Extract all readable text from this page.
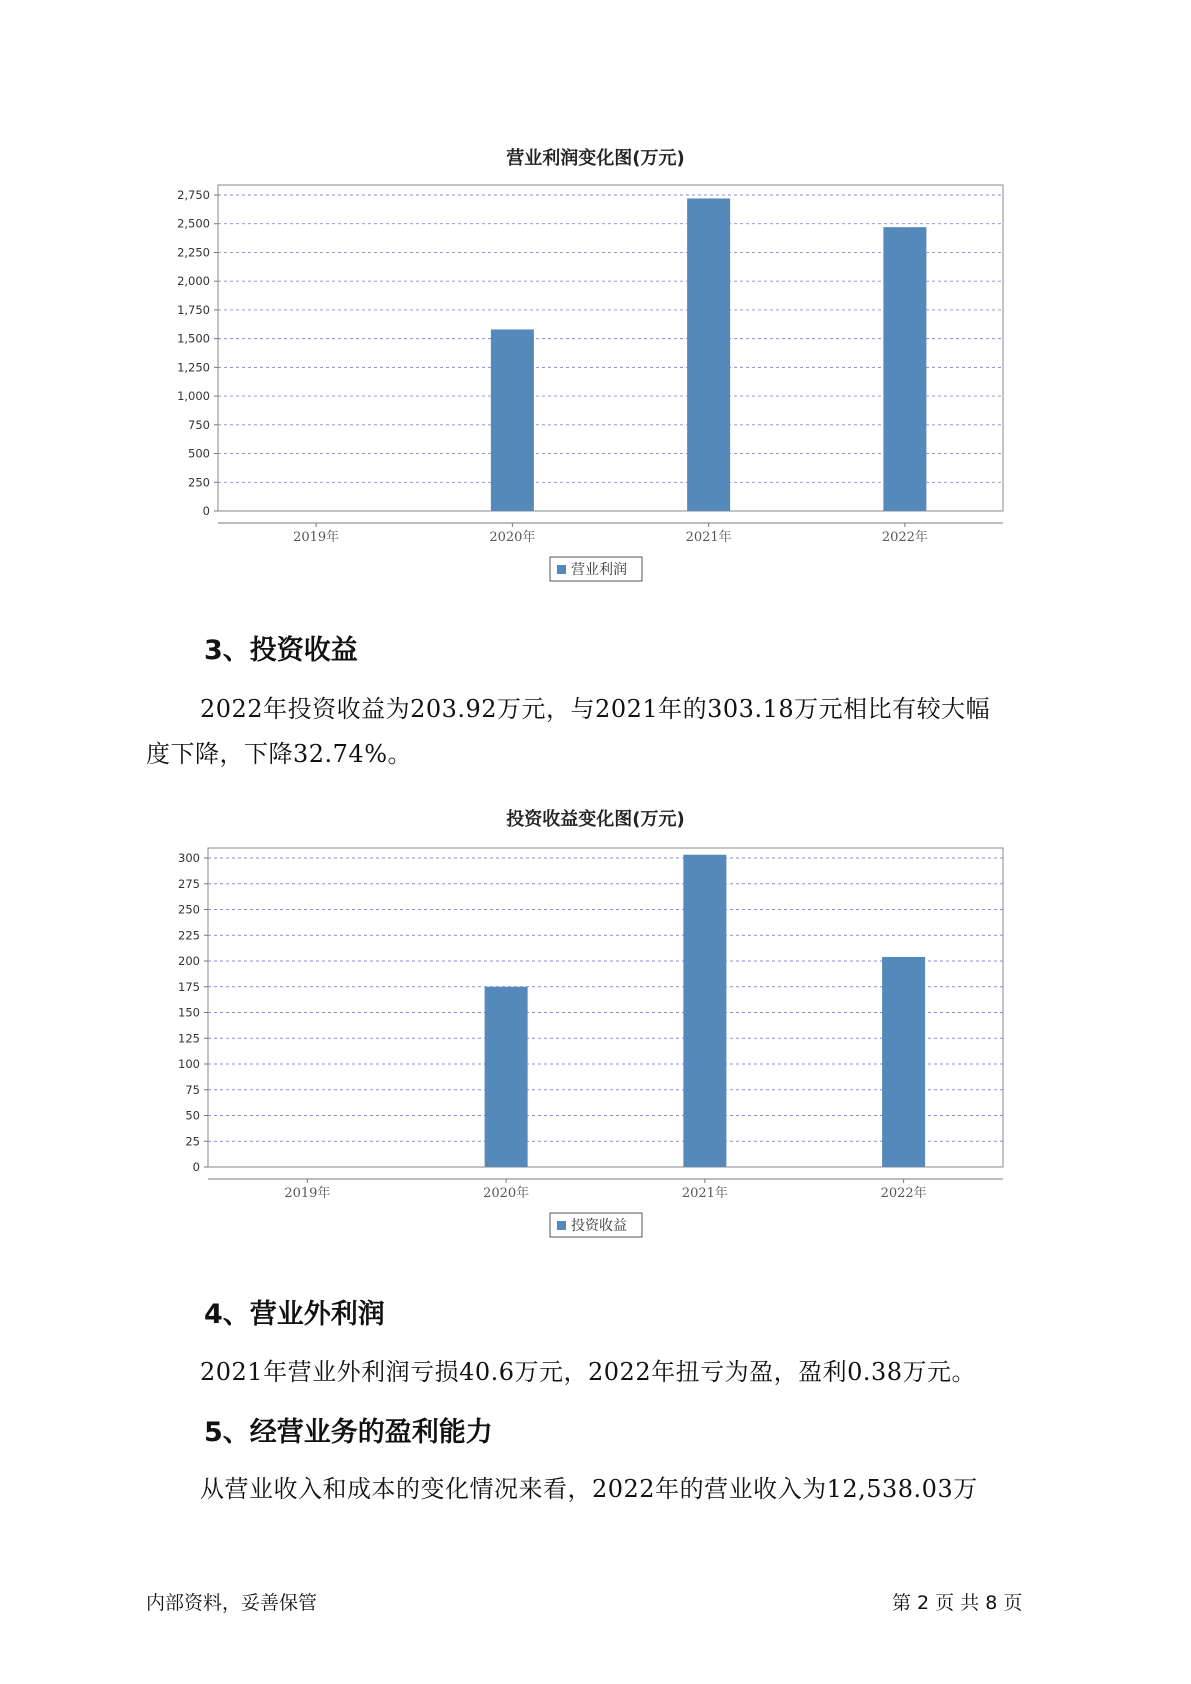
营业利润变化图(万元)
0
250
500
750
1,000
1,250
1,500
1,750
2,000
2,250
2,500
2,750
2019年	2020年	2021年	2022年
营业利润
3、投资收益
2022年投资收益为203.92万元，与2021年的303.18万元相比有较大幅
度下降，下降32.74%。
投资收益变化图(万元)
0
25
50
75
100
125
150
175
200
225
250
275
300
2019年	2020年	2021年	2022年
投资收益
4、营业外利润
2021年营业外利润亏损40.6万元，2022年扭亏为盈，盈利0.38万元。
5、经营业务的盈利能力
从营业收入和成本的变化情况来看，2022年的营业收入为12,538.03万
内部资料，妥善保管	第 2 页 共 8 页
